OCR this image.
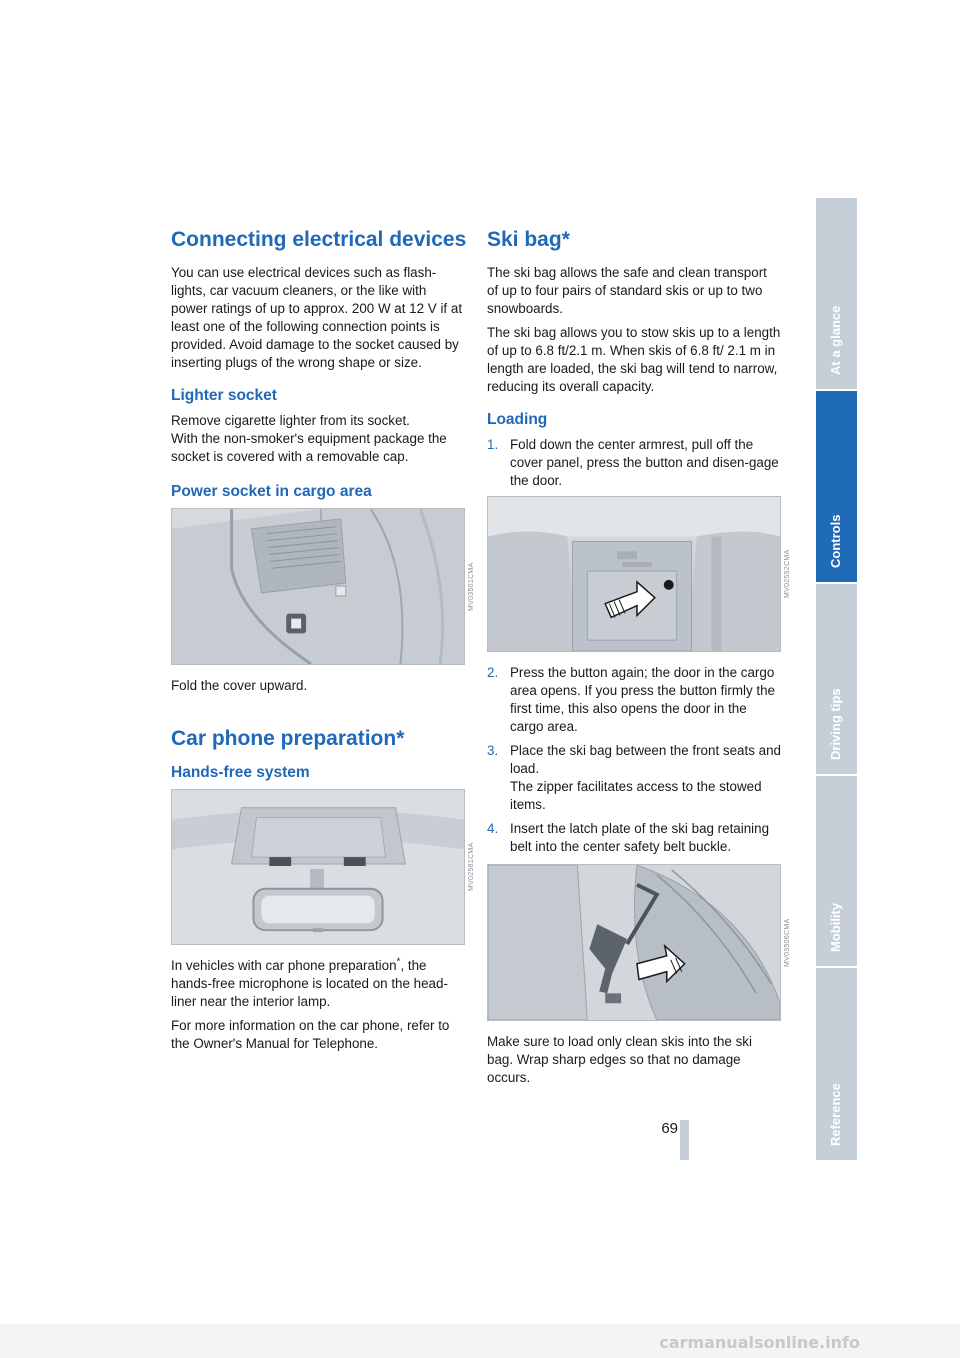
Connecting electrical devices

You can use electrical devices such as flash-lights, car vacuum cleaners, or the like with power ratings of up to approx. 200 W at 12 V if at least one of the following connection points is provided. Avoid damage to the socket caused by inserting plugs of the wrong shape or size.

Lighter socket

Remove cigarette lighter from its socket.

With the non-smoker's equipment package the socket is covered with a removable cap.

Power socket in cargo area
MV03501CMA

Fold the cover upward.

Car phone preparation*
Hands-free system
MV02581CMA

In vehicles with car phone preparation*, the hands-free microphone is located on the head-liner near the interior lamp.

For more information on the car phone, refer to the Owner's Manual for Telephone.

Ski bag*

The ski bag allows the safe and clean transport of up to four pairs of standard skis or up to two snowboards.

The ski bag allows you to stow skis up to a length of up to 6.8 ft/2.1 m. When skis of 6.8 ft/ 2.1 m in length are loaded, the ski bag will tend to narrow, reducing its overall capacity.

Loading
1. Fold down the center armrest, pull off the cover panel, press the button and disen-gage the door.
MV02552CMA
2. Press the button again; the door in the cargo area opens. If you press the button firmly the first time, this also opens the door in the cargo area.
3. Place the ski bag between the front seats and load.
The zipper facilitates access to the stowed items.
4. Insert the latch plate of the ski bag retaining belt into the center safety belt buckle.
MV03506CMA

Make sure to load only clean skis into the ski bag. Wrap sharp edges so that no damage occurs.

At a glance
Controls
Driving tips
Mobility
Reference
69
carmanualsonline.info
